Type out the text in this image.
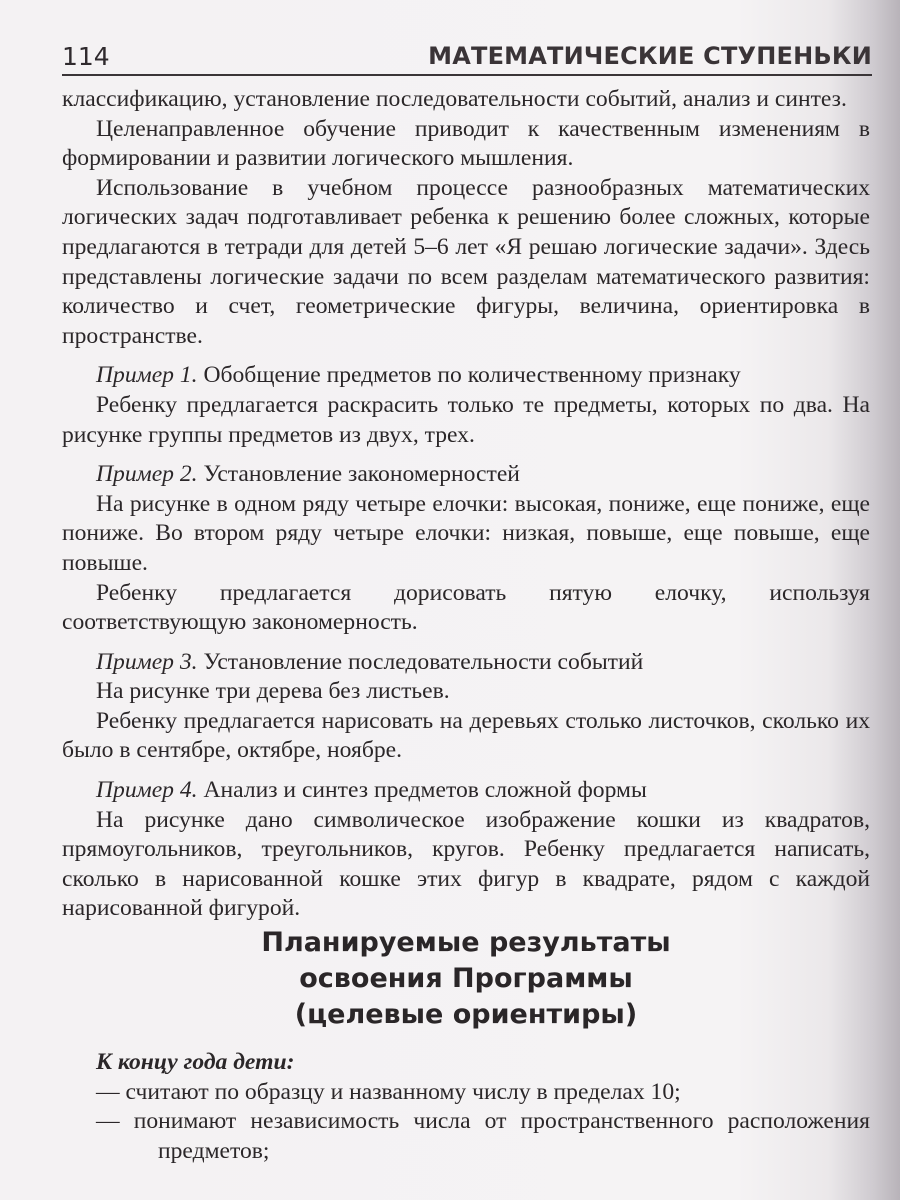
114	МАТЕМАТИЧЕСКИЕ СТУПЕНЬКИ

классификацию, установление последовательности событий, анализ и синтез.

Целенаправленное обучение приводит к качественным изменениям в формировании и развитии логического мышления.

Использование в учебном процессе разнообразных математических логических задач подготавливает ребенка к решению более сложных, которые предлагаются в тетради для детей 5–6 лет «Я решаю логические задачи». Здесь представлены логические задачи по всем разделам математического развития: количество и счет, геометрические фигуры, величина, ориентировка в пространстве.

Пример 1. Обобщение предметов по количественному признаку

Ребенку предлагается раскрасить только те предметы, которых по два. На рисунке группы предметов из двух, трех.

Пример 2. Установление закономерностей

На рисунке в одном ряду четыре елочки: высокая, пониже, еще пониже, еще пониже. Во втором ряду четыре елочки: низкая, повыше, еще повыше, еще повыше.

Ребенку предлагается дорисовать пятую елочку, используя соответствующую закономерность.

Пример 3. Установление последовательности событий

На рисунке три дерева без листьев.

Ребенку предлагается нарисовать на деревьях столько листочков, сколько их было в сентябре, октябре, ноябре.

Пример 4. Анализ и синтез предметов сложной формы

На рисунке дано символическое изображение кошки из квадратов, прямоугольников, треугольников, кругов. Ребенку предлагается написать, сколько в нарисованной кошке этих фигур в квадрате, рядом с каждой нарисованной фигурой.

Планируемые результаты
освоения Программы
(целевые ориентиры)
К концу года дети:
— считают по образцу и названному числу в пределах 10;
— понимают независимость числа от пространственного расположения предметов;
